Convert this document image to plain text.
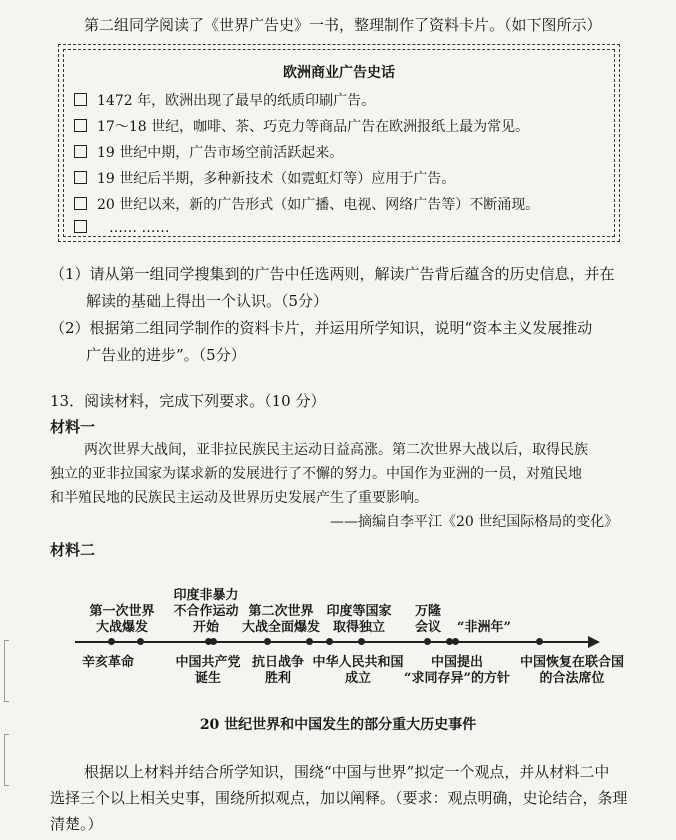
第二组同学阅读了《世界广告史》一书，整理制作了资料卡片。（如下图所示）
欧洲商业广告史话
1472 年，欧洲出现了最早的纸质印刷广告。
17～18 世纪，咖啡、茶、巧克力等商品广告在欧洲报纸上最为常见。
19 世纪中期，广告市场空前活跃起来。
19 世纪后半期，多种新技术（如霓虹灯等）应用于广告。
20 世纪以来，新的广告形式（如广播、电视、网络广告等）不断涌现。
…… ……
（1）请从第一组同学搜集到的广告中任选两则，解读广告背后蕴含的历史信息，并在
解读的基础上得出一个认识。（5分）
（2）根据第二组同学制作的资料卡片，并运用所学知识，说明“资本主义发展推动
广告业的进步”。（5分）
13．阅读材料，完成下列要求。（10 分）
材料一
两次世界大战间，亚非拉民族民主运动日益高涨。第二次世界大战以后，取得民族
独立的亚非拉国家为谋求新的发展进行了不懈的努力。中国作为亚洲的一员，对殖民地
和半殖民地的民族民主运动及世界历史发展产生了重要影响。
——摘编自李平江《20 世纪国际格局的变化》
材料二
第一次世界
大战爆发
印度非暴力
不合作运动
开始
第二次世界
大战全面爆发
印度等国家
取得独立
万隆
会议	“非洲年”
辛亥革命	中国共产党
诞生
抗日战争
胜利
中华人民共和国
成立
中国提出
“求同存异”的方针
中国恢复在联合国
的合法席位
20 世纪世界和中国发生的部分重大历史事件
根据以上材料并结合所学知识，围绕“中国与世界”拟定一个观点，并从材料二中
选择三个以上相关史事，围绕所拟观点，加以阐释。（要求：观点明确，史论结合，条理
清楚。）
